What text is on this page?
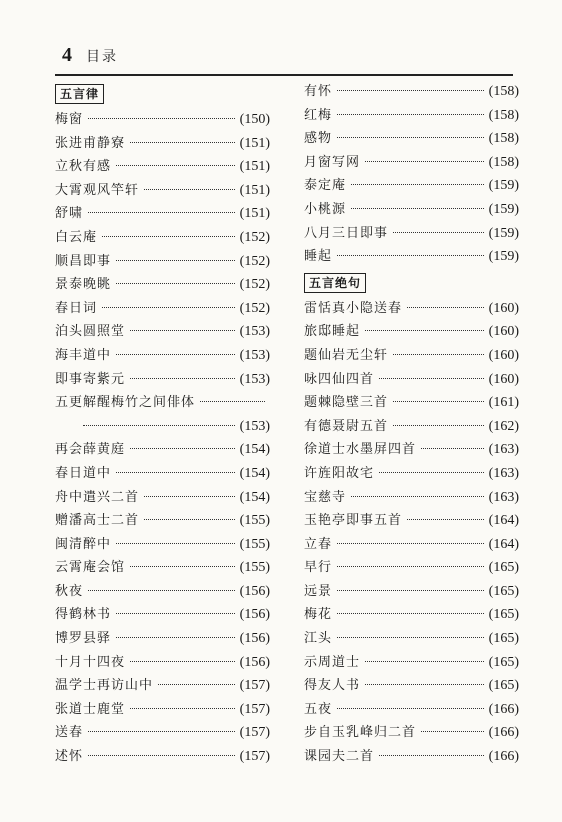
4 目录
五言律
梅窗	(150)
张进甫静寮	(151)
立秋有感	(151)
大霄观风竿轩	(151)
舒啸	(151)
白云庵	(152)
顺昌即事	(152)
景泰晚眺	(152)
春日词	(152)
泊头圆照堂	(153)
海丰道中	(153)
即事寄紫元	(153)
五更解醒梅竹之间俳体
(153)
再会薛黄庭	(154)
春日道中	(154)
舟中遣兴二首	(154)
赠潘高士二首	(155)
闽清醉中	(155)
云霄庵会馆	(155)
秋夜	(156)
得鹤林书	(156)
博罗县驿	(156)
十月十四夜	(156)
温学士再访山中	(157)
张道士鹿堂	(157)
送春	(157)
述怀	(157)
有怀	(158)
红梅	(158)
感物	(158)
月窗写网	(158)
泰定庵	(159)
小桃源	(159)
八月三日即事	(159)
睡起	(159)
五言绝句
雷恬真小隐送春	(160)
旅邸睡起	(160)
题仙岩无尘轩	(160)
咏四仙四首	(160)
题棘隐壁三首	(161)
有德聂尉五首	(162)
徐道士水墨屏四首	(163)
许旌阳故宅	(163)
宝慈寺	(163)
玉艳亭即事五首	(164)
立春	(164)
早行	(165)
远景	(165)
梅花	(165)
江头	(165)
示周道士	(165)
得友人书	(165)
五夜	(166)
步自玉乳峰归二首	(166)
课园夫二首	(166)
